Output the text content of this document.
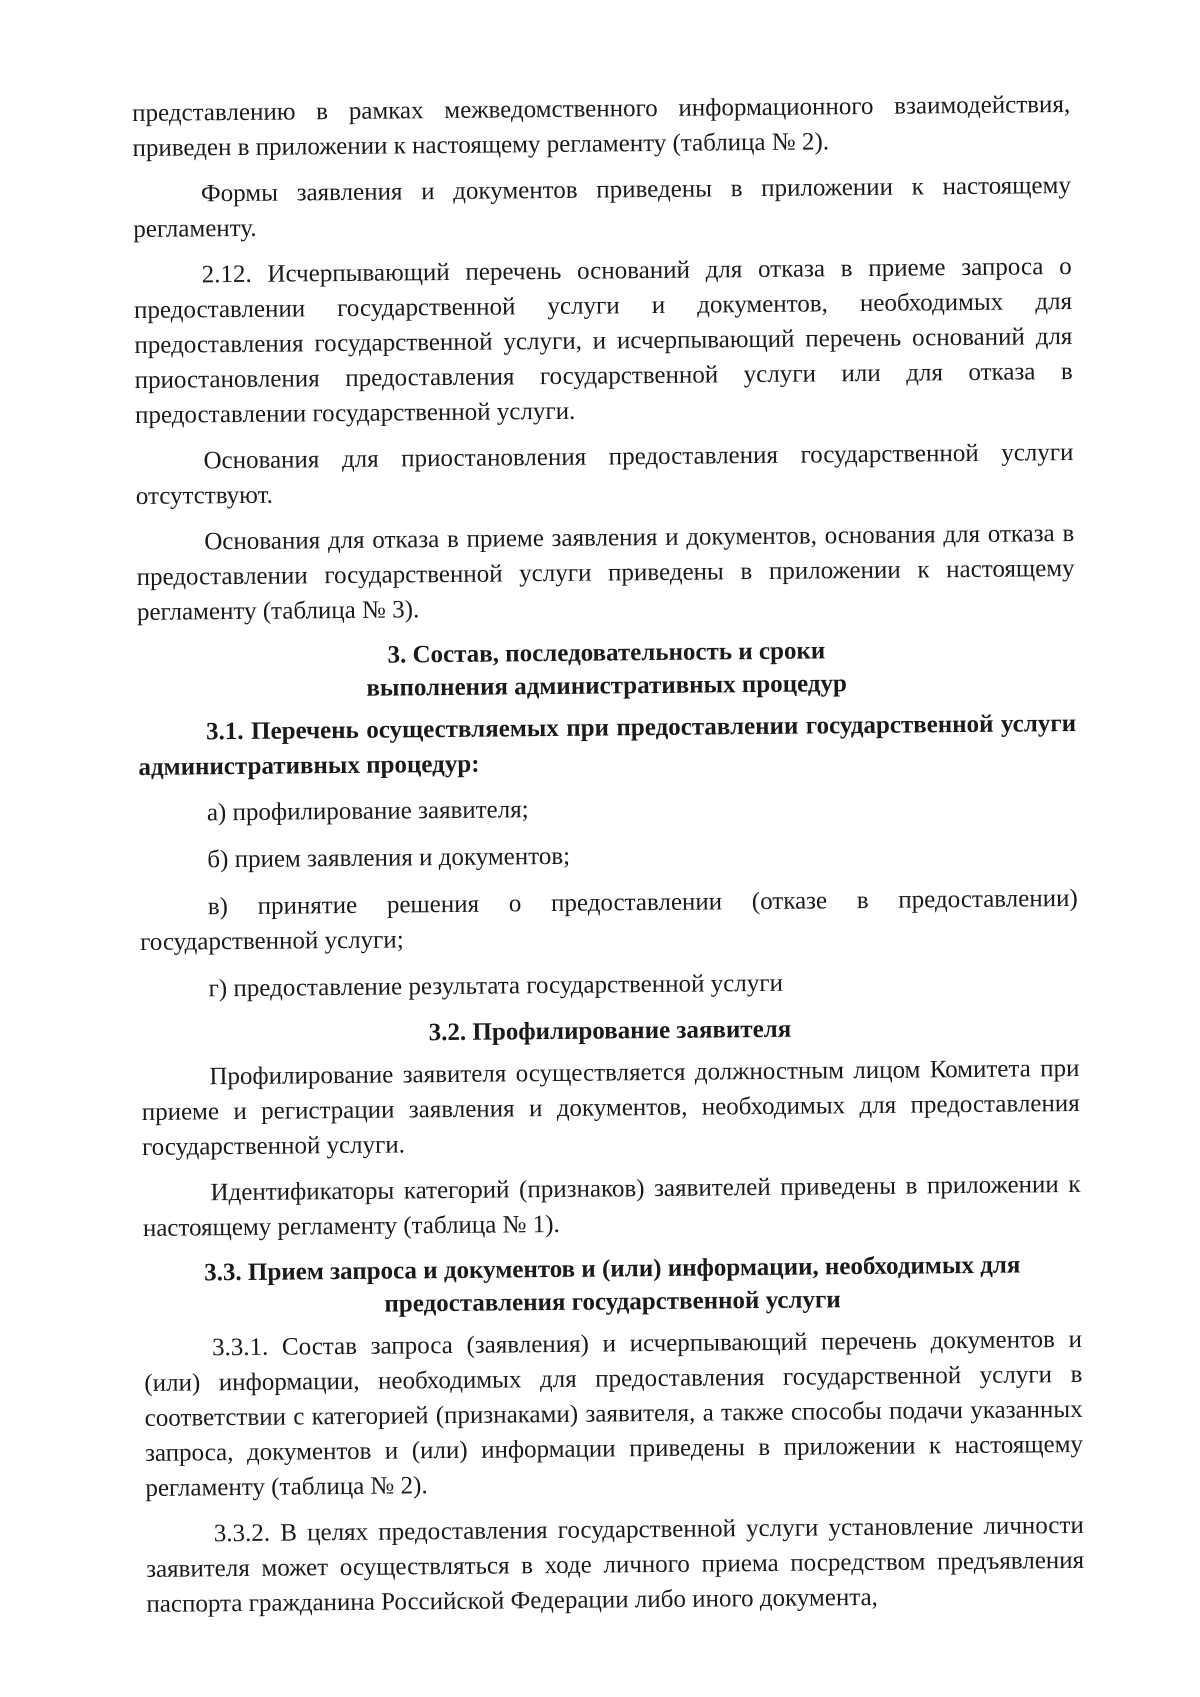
представлению в рамках межведомственного информационного взаимодействия, приведен в приложении к настоящему регламенту (таблица № 2).

Формы заявления и документов приведены в приложении к настоящему регламенту.

2.12. Исчерпывающий перечень оснований для отказа в приеме запроса о предоставлении государственной услуги и документов, необходимых для предоставления государственной услуги, и исчерпывающий перечень оснований для приостановления предоставления государственной услуги или для отказа в предоставлении государственной услуги.

Основания для приостановления предоставления государственной услуги отсутствуют.

Основания для отказа в приеме заявления и документов, основания для отказа в предоставлении государственной услуги приведены в приложении к настоящему регламенту (таблица № 3).

3. Состав, последовательность и сроки
выполнения административных процедур

3.1. Перечень осуществляемых при предоставлении государственной услуги административных процедур:

а) профилирование заявителя;
б) прием заявления и документов;
в) принятие решения о предоставлении (отказе в предоставлении) государственной услуги;
г) предоставление результата государственной услуги
3.2. Профилирование заявителя

Профилирование заявителя осуществляется должностным лицом Комитета при приеме и регистрации заявления и документов, необходимых для предоставления государственной услуги.

Идентификаторы категорий (признаков) заявителей приведены в приложении к настоящему регламенту (таблица № 1).

3.3. Прием запроса и документов и (или) информации, необходимых для
предоставления государственной услуги

3.3.1. Состав запроса (заявления) и исчерпывающий перечень документов и (или) информации, необходимых для предоставления государственной услуги в соответствии с категорией (признаками) заявителя, а также способы подачи указанных запроса, документов и (или) информации приведены в приложении к настоящему регламенту (таблица № 2).

3.3.2. В целях предоставления государственной услуги установление личности заявителя может осуществляться в ходе личного приема посредством предъявления паспорта гражданина Российской Федерации либо иного документа,
